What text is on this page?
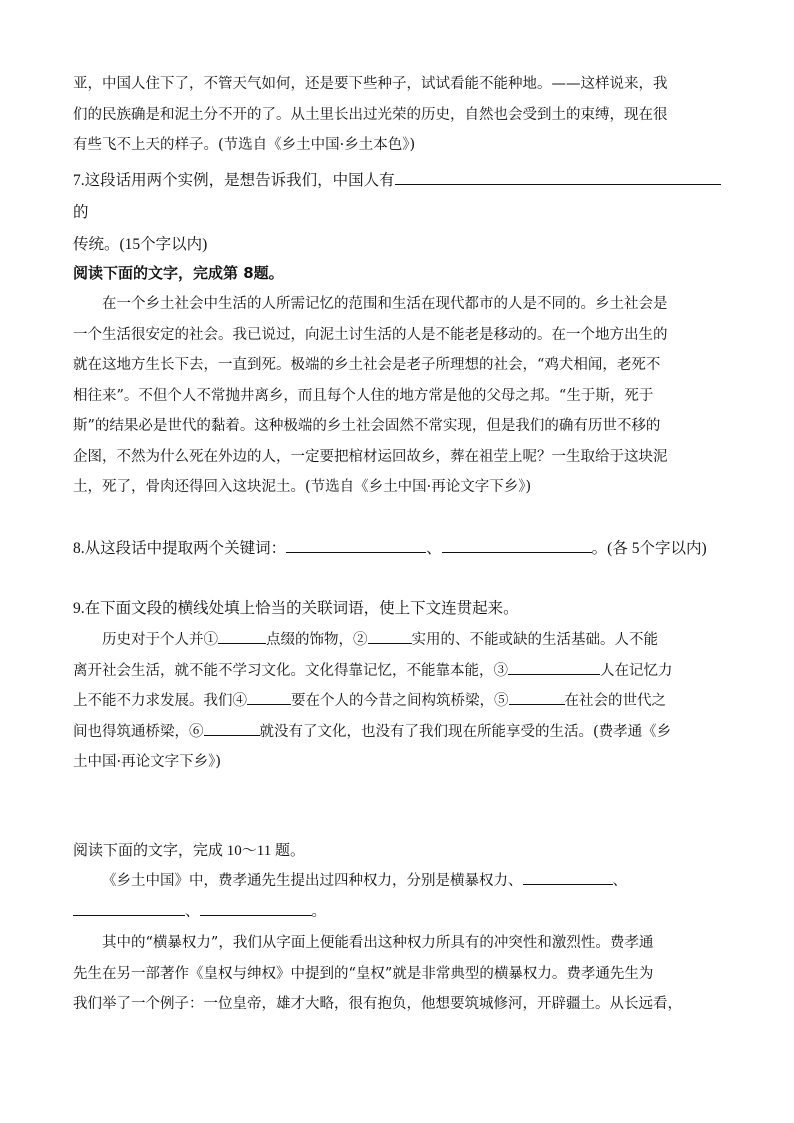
亚，中国人住下了，不管天气如何，还是要下些种子，试试看能不能种地。——这样说来，我
们的民族确是和泥土分不开的了。从土里长出过光荣的历史，自然也会受到土的束缚，现在很
有些飞不上天的样子。(节选自《乡土中国·乡土本色》)
7.这段话用两个实例，是想告诉我们，中国人有的
传统。(15个字以内)
阅读下面的文字，完成第 8题。
在一个乡土社会中生活的人所需记忆的范围和生活在现代都市的人是不同的。乡土社会是
一个生活很安定的社会。我已说过，向泥土讨生活的人是不能老是移动的。在一个地方出生的
就在这地方生长下去，一直到死。极端的乡土社会是老子所理想的社会，“鸡犬相闻，老死不
相往来”。不但个人不常抛井离乡，而且每个人住的地方常是他的父母之邦。“生于斯，死于
斯”的结果必是世代的黏着。这种极端的乡土社会固然不常实现，但是我们的确有历世不移的
企图，不然为什么死在外边的人，一定要把棺材运回故乡，葬在祖茔上呢？一生取给于这块泥
土，死了，骨肉还得回入这块泥土。(节选自《乡土中国·再论文字下乡》)
8.从这段话中提取两个关键词：	、	。(各 5个字以内)
9.在下面文段的横线处填上恰当的关联词语，使上下文连贯起来。
历史对于个人并①	点缀的饰物，②	实用的、不能或缺的生活基础。人不能
离开社会生活，就不能不学习文化。文化得靠记忆，不能靠本能，③	人在记忆力
上不能不力求发展。我们④	要在个人的今昔之间构筑桥梁，⑤	在社会的世代之
间也得筑通桥梁，⑥	就没有了文化，也没有了我们现在所能享受的生活。(费孝通《乡
土中国·再论文字下乡》)
阅读下面的文字，完成 10～11 题。
《乡土中国》中，费孝通先生提出过四种权力，分别是横暴权力、	、
、	。
其中的“横暴权力”，我们从字面上便能看出这种权力所具有的冲突性和激烈性。费孝通
先生在另一部著作《皇权与绅权》中提到的“皇权”就是非常典型的横暴权力。费孝通先生为
我们举了一个例子：一位皇帝，雄才大略，很有抱负，他想要筑城修河，开辟疆土。从长远看，
